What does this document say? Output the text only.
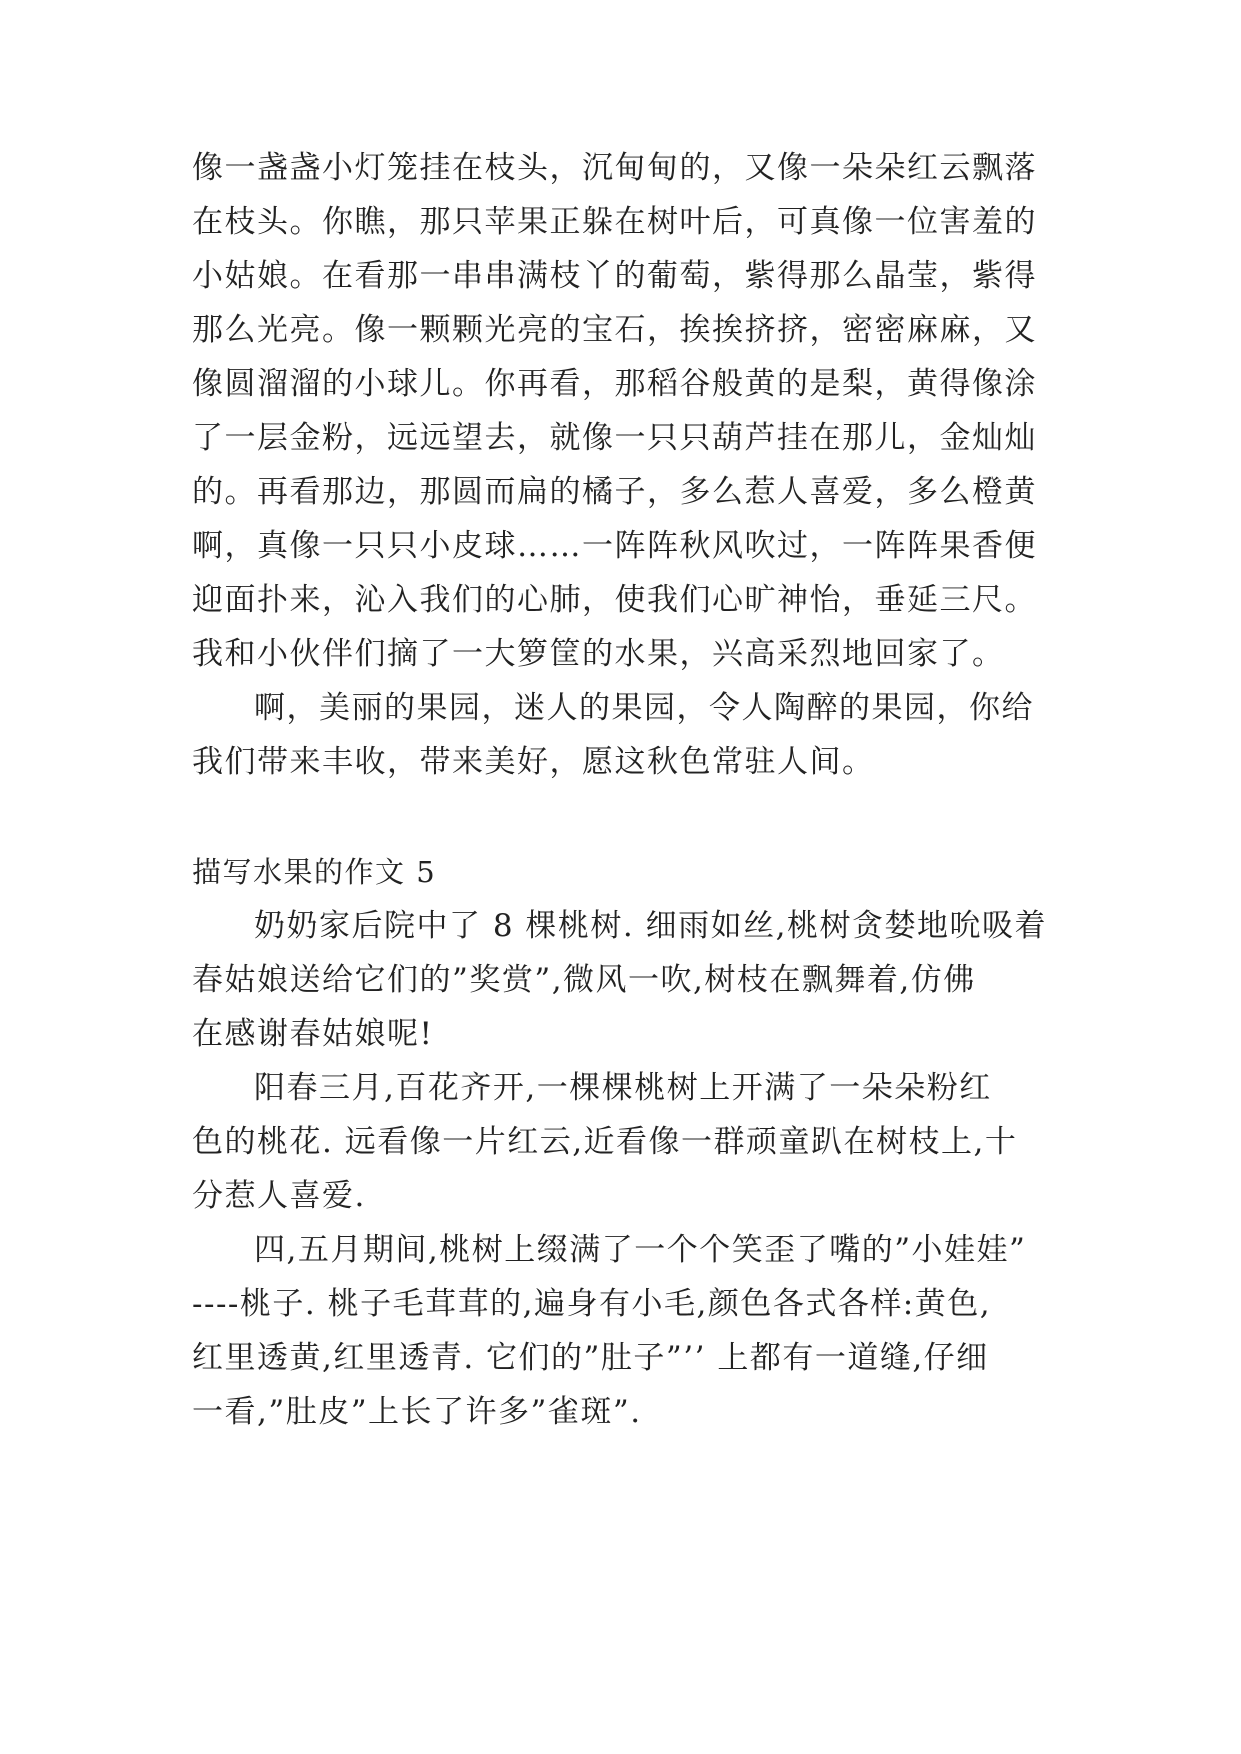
像一盏盏小灯笼挂在枝头，沉甸甸的，又像一朵朵红云飘落
在枝头。你瞧，那只苹果正躲在树叶后，可真像一位害羞的
小姑娘。在看那一串串满枝丫的葡萄，紫得那么晶莹，紫得
那么光亮。像一颗颗光亮的宝石，挨挨挤挤，密密麻麻，又
像圆溜溜的小球儿。你再看，那稻谷般黄的是梨，黄得像涂
了一层金粉，远远望去，就像一只只葫芦挂在那儿，金灿灿
的。再看那边，那圆而扁的橘子，多么惹人喜爱，多么橙黄
啊，真像一只只小皮球……一阵阵秋风吹过，一阵阵果香便
迎面扑来，沁入我们的心肺，使我们心旷神怡，垂延三尺。
我和小伙伴们摘了一大箩筐的水果，兴高采烈地回家了。
啊，美丽的果园，迷人的果园，令人陶醉的果园，你给
我们带来丰收，带来美好，愿这秋色常驻人间。
描写水果的作文 5
奶奶家后院中了 8 棵桃树. 细雨如丝,桃树贪婪地吮吸着
春姑娘送给它们的”奖赏”,微风一吹,树枝在飘舞着,仿佛
在感谢春姑娘呢!
阳春三月,百花齐开,一棵棵桃树上开满了一朵朵粉红
色的桃花. 远看像一片红云,近看像一群顽童趴在树枝上,十
分惹人喜爱.
四,五月期间,桃树上缀满了一个个笑歪了嘴的”小娃娃”
----桃子. 桃子毛茸茸的,遍身有小毛,颜色各式各样:黄色,
红里透黄,红里透青. 它们的”肚子”’’ 上都有一道缝,仔细
一看,”肚皮”上长了许多”雀斑”.
